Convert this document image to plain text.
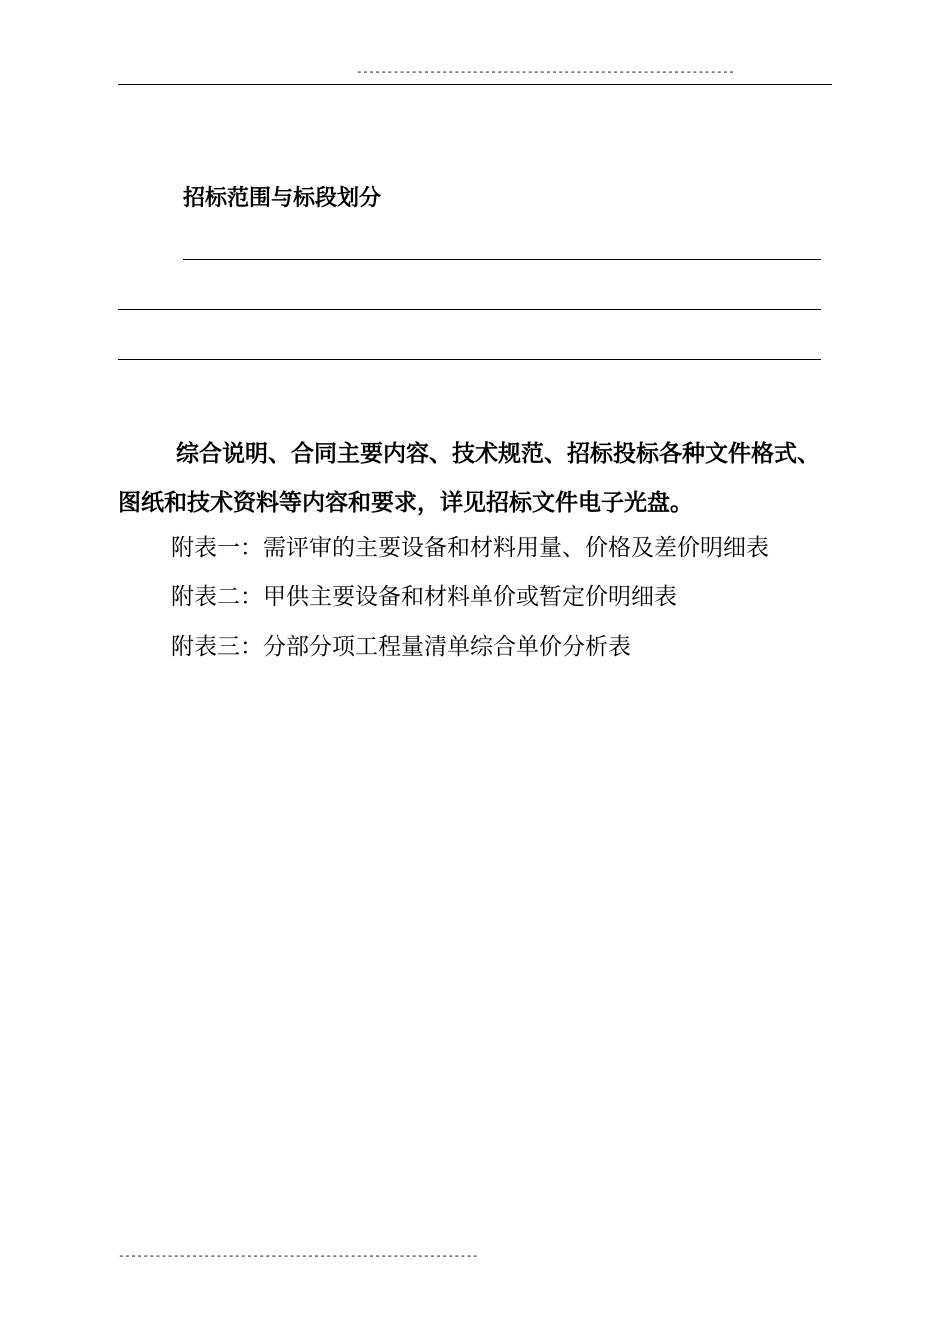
--------------------------------------------------------------
招标范围与标段划分

综合说明、合同主要内容、技术规范、招标投标各种文件格式、图纸和技术资料等内容和要求，详见招标文件电子光盘。

附表一：需评审的主要设备和材料用量、价格及差价明细表
附表二：甲供主要设备和材料单价或暂定价明细表
附表三：分部分项工程量清单综合单价分析表
-----------------------------------------------------------
